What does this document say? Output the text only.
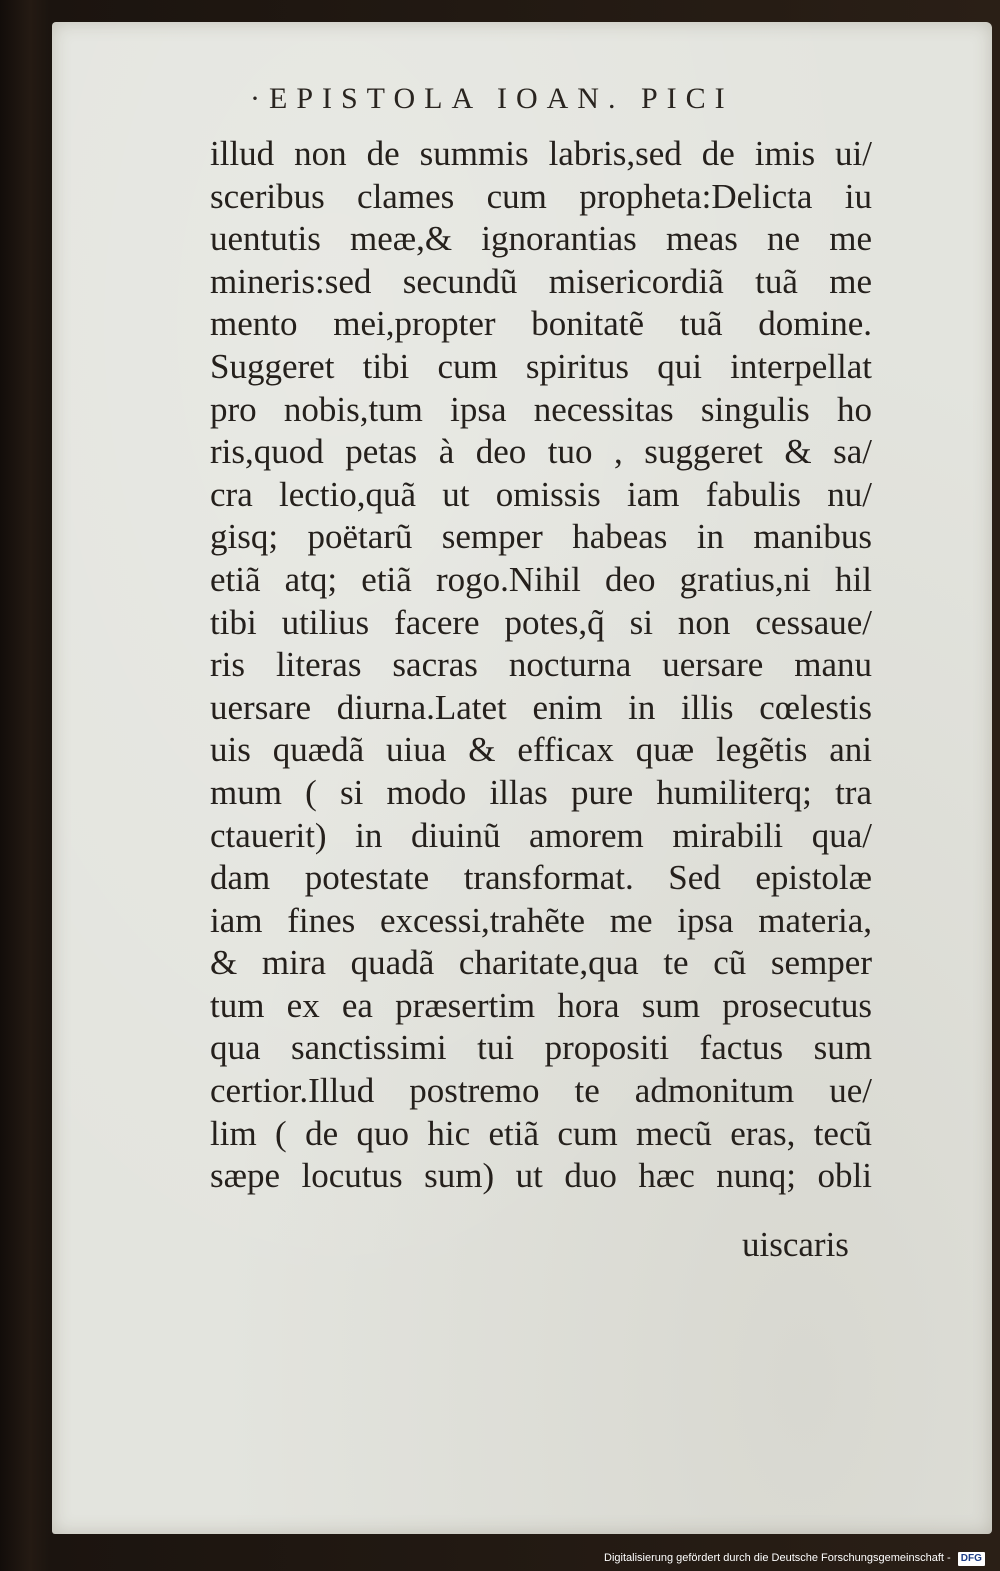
·EPISTOLA IOAN. PICI
illud non de summis labris,sed de imis ui/
sceribus clames cum propheta:Delicta iu
uentutis meæ,& ignorantias meas ne me
mineris:sed secundũ misericordiã tuã me
mento mei,propter bonitatẽ tuã domine.
Suggeret tibi cum spiritus qui interpellat
pro nobis,tum ipsa necessitas singulis ho
ris,quod petas à deo tuo , suggeret & sa/
cra lectio,quã ut omissis iam fabulis nu/
gisq; poëtarũ semper habeas in manibus
etiã atq; etiã rogo.Nihil deo gratius,ni hil
tibi utilius facere potes,q̃ si non cessaue/
ris literas sacras nocturna uersare manu
uersare diurna.Latet enim in illis cœlestis
uis quædã uiua & efficax quæ legẽtis ani
mum ( si modo illas pure humiliterq; tra
ctauerit) in diuinũ amorem mirabili qua/
dam potestate transformat. Sed epistolæ
iam fines excessi,trahẽte me ipsa materia,
& mira quadã charitate,qua te cũ semper
tum ex ea præsertim hora sum prosecutus
qua sanctissimi tui propositi factus sum
certior.Illud postremo te admonitum ue/
lim ( de quo hic etiã cum mecũ eras, tecũ
sæpe locutus sum) ut duo hæc nunq; obli
uiscaris
Digitalisierung gefördert durch die Deutsche Forschungsgemeinschaft - DFG
